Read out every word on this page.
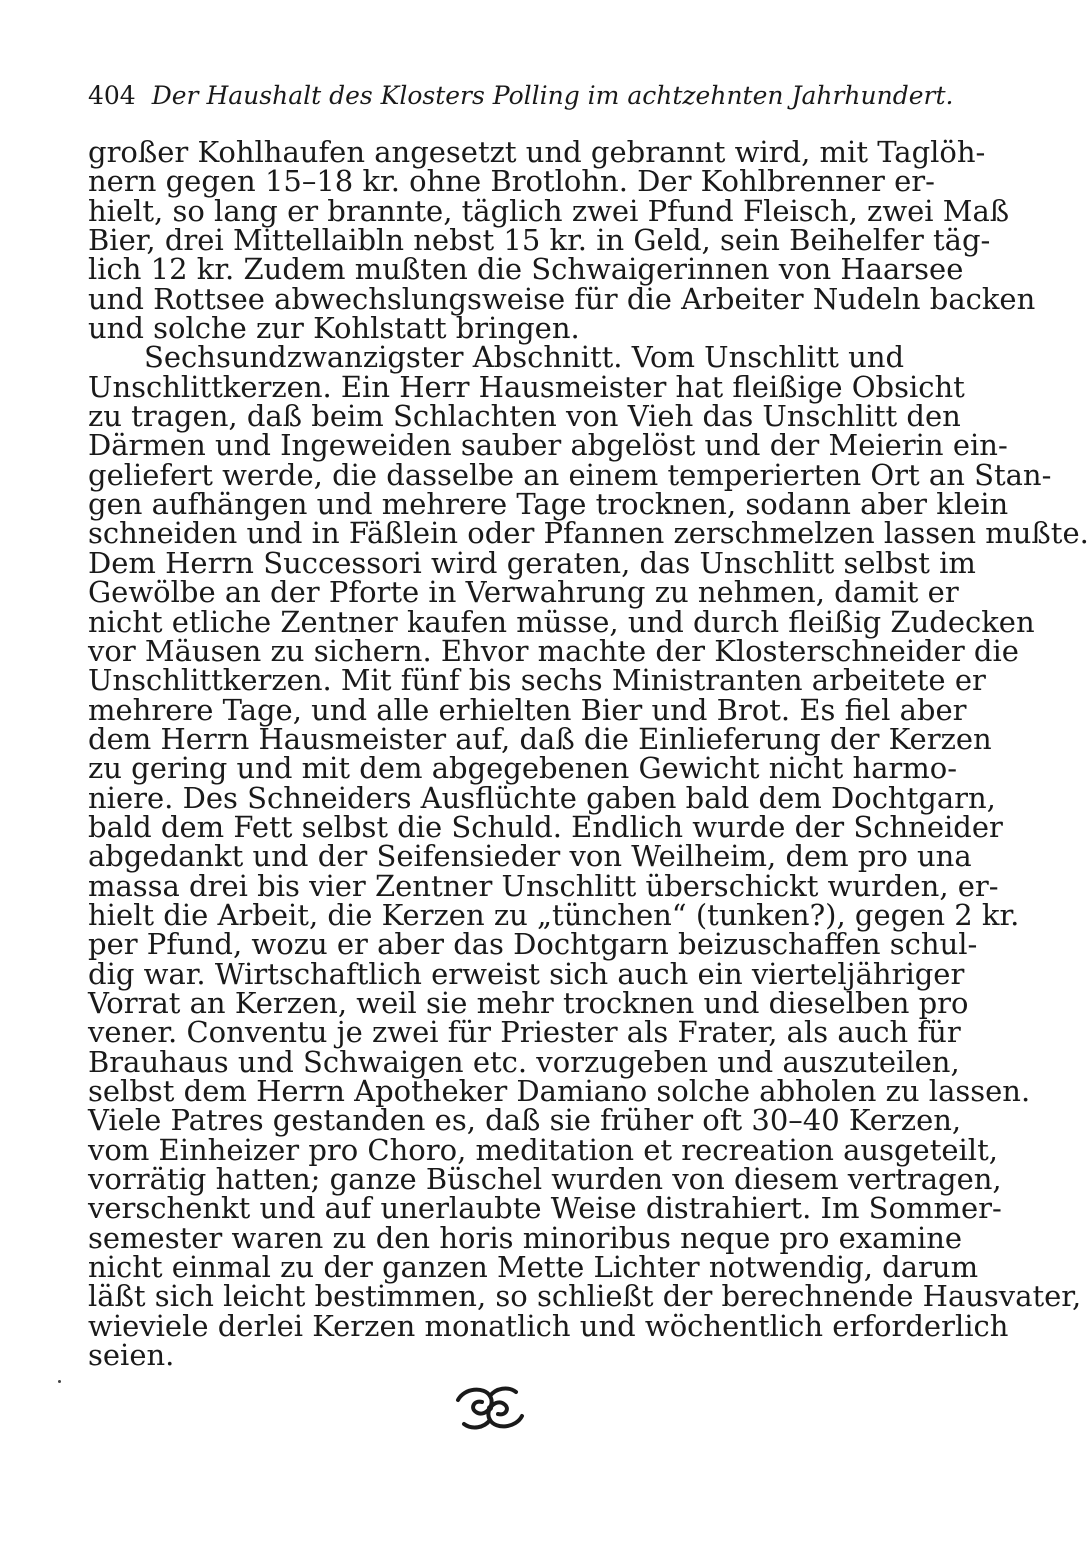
404 Der Haushalt des Klosters Polling im achtzehnten Jahrhundert.
großer Kohlhaufen angesetzt und gebrannt wird, mit Taglöh-
nern gegen 15–18 kr. ohne Brotlohn. Der Kohlbrenner er-
hielt, so lang er brannte, täglich zwei Pfund Fleisch, zwei Maß
Bier, drei Mittellaibln nebst 15 kr. in Geld, sein Beihelfer täg-
lich 12 kr. Zudem mußten die Schwaigerinnen von Haarsee
und Rottsee abwechslungsweise für die Arbeiter Nudeln backen
und solche zur Kohlstatt bringen.
Sechsundzwanzigster Abschnitt. Vom Unschlitt und
Unschlittkerzen. Ein Herr Hausmeister hat fleißige Obsicht
zu tragen, daß beim Schlachten von Vieh das Unschlitt den
Därmen und Ingeweiden sauber abgelöst und der Meierin ein-
geliefert werde, die dasselbe an einem temperierten Ort an Stan-
gen aufhängen und mehrere Tage trocknen, sodann aber klein
schneiden und in Fäßlein oder Pfannen zerschmelzen lassen mußte.
Dem Herrn Successori wird geraten, das Unschlitt selbst im
Gewölbe an der Pforte in Verwahrung zu nehmen, damit er
nicht etliche Zentner kaufen müsse, und durch fleißig Zudecken
vor Mäusen zu sichern. Ehvor machte der Klosterschneider die
Unschlittkerzen. Mit fünf bis sechs Ministranten arbeitete er
mehrere Tage, und alle erhielten Bier und Brot. Es fiel aber
dem Herrn Hausmeister auf, daß die Einlieferung der Kerzen
zu gering und mit dem abgegebenen Gewicht nicht harmo-
niere. Des Schneiders Ausflüchte gaben bald dem Dochtgarn,
bald dem Fett selbst die Schuld. Endlich wurde der Schneider
abgedankt und der Seifensieder von Weilheim, dem pro una
massa drei bis vier Zentner Unschlitt überschickt wurden, er-
hielt die Arbeit, die Kerzen zu „tünchen“ (tunken?), gegen 2 kr.
per Pfund, wozu er aber das Dochtgarn beizuschaffen schul-
dig war. Wirtschaftlich erweist sich auch ein vierteljähriger
Vorrat an Kerzen, weil sie mehr trocknen und dieselben pro
vener. Conventu je zwei für Priester als Frater, als auch für
Brauhaus und Schwaigen etc. vorzugeben und auszuteilen,
selbst dem Herrn Apotheker Damiano solche abholen zu lassen.
Viele Patres gestanden es, daß sie früher oft 30–40 Kerzen,
vom Einheizer pro Choro, meditation et recreation ausgeteilt,
vorrätig hatten; ganze Büschel wurden von diesem vertragen,
verschenkt und auf unerlaubte Weise distrahiert. Im Sommer-
semester waren zu den horis minoribus neque pro examine
nicht einmal zu der ganzen Mette Lichter notwendig, darum
läßt sich leicht bestimmen, so schließt der berechnende Hausvater,
wieviele derlei Kerzen monatlich und wöchentlich erforderlich
seien.
